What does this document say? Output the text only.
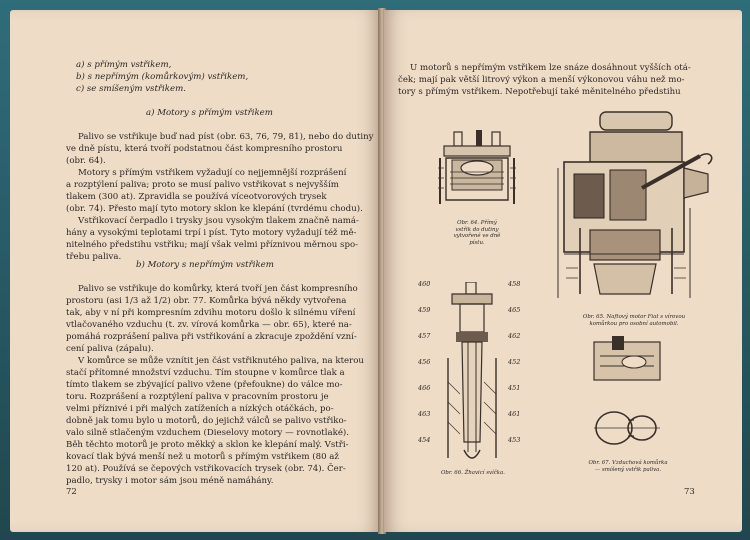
a) s přímým vstřikem,
b) s nepřímým (komůrkovým) vstřikem,
c) se smíšeným vstřikem.
a) Motory s přímým vstřikem
Palivo se vstřikuje buď nad píst (obr. 63, 76, 79, 81), nebo do dutiny
ve dně pístu, která tvoří podstatnou část kompresního prostoru
(obr. 64).
Motory s přímým vstřikem vyžadují co nejjemnější rozprášení
a rozptýlení paliva; proto se musí palivo vstřikovat s nejvyšším
tlakem (300 at). Zpravidla se používá víceotvorových trysek
(obr. 74). Přesto mají tyto motory sklon ke klepání (tvrdému chodu).
Vstřikovací čerpadlo i trysky jsou vysokým tlakem značně namá-
hány a vysokými teplotami trpí i píst. Tyto motory vyžadují též mě-
nitelného předstihu vstřiku; mají však velmi příznivou měrnou spo-
třebu paliva.
b) Motory s nepřímým vstřikem
Palivo se vstřikuje do komůrky, která tvoří jen část kompresního
prostoru (asi 1/3 až 1/2) obr. 77. Komůrka bývá někdy vytvořena
tak, aby v ní při kompresním zdvihu motoru došlo k silnému víření
vtlačovaného vzduchu (t. zv. vírová komůrka — obr. 65), které na-
pomáhá rozprášení paliva při vstřikování a zkracuje zpoždění vzní-
cení paliva (zápalu).
V komůrce se může vznítit jen část vstřiknutého paliva, na kterou
stačí přítomné množství vzduchu. Tím stoupne v komůrce tlak a
tímto tlakem se zbývající palivo vžene (přefoukne) do válce mo-
toru. Rozprášení a rozptýlení paliva v pracovním prostoru je
velmi příznivé i při malých zatíženích a nízkých otáčkách, po-
dobně jak tomu bylo u motorů, do jejichž válců se palivo vstřiko-
valo silně stlačeným vzduchem (Dieselovy motory — rovnotlaké).
Běh těchto motorů je proto měkký a sklon ke klepání malý. Vstři-
kovací tlak bývá menší než u motorů s přímým vstřikem (80 až
120 at). Používá se čepových vstřikovacích trysek (obr. 74). Čer-
padlo, trysky i motor sám jsou méně namáhány.
72
U motorů s nepřímým vstřikem lze snáze dosáhnout vyšších otá-
ček; mají pak větší litrový výkon a menší výkonovou váhu než mo-
tory s přímým vstřikem. Nepotřebují také měnitelného předstihu
Obr. 64. Přímý
vstřik do dutiny
vytvořené ve dně
pístu.
Obr. 65. Naftový motor Fiat s vírovou
komůrkou pro osobní automobil.
460
459
457
456
466
463
454
458
465
462
452
451
461
453
Obr. 66. Žhavicí svíčka.
Obr. 67. Vzduchová komůrka
— smíšený vstřik paliva.
73
